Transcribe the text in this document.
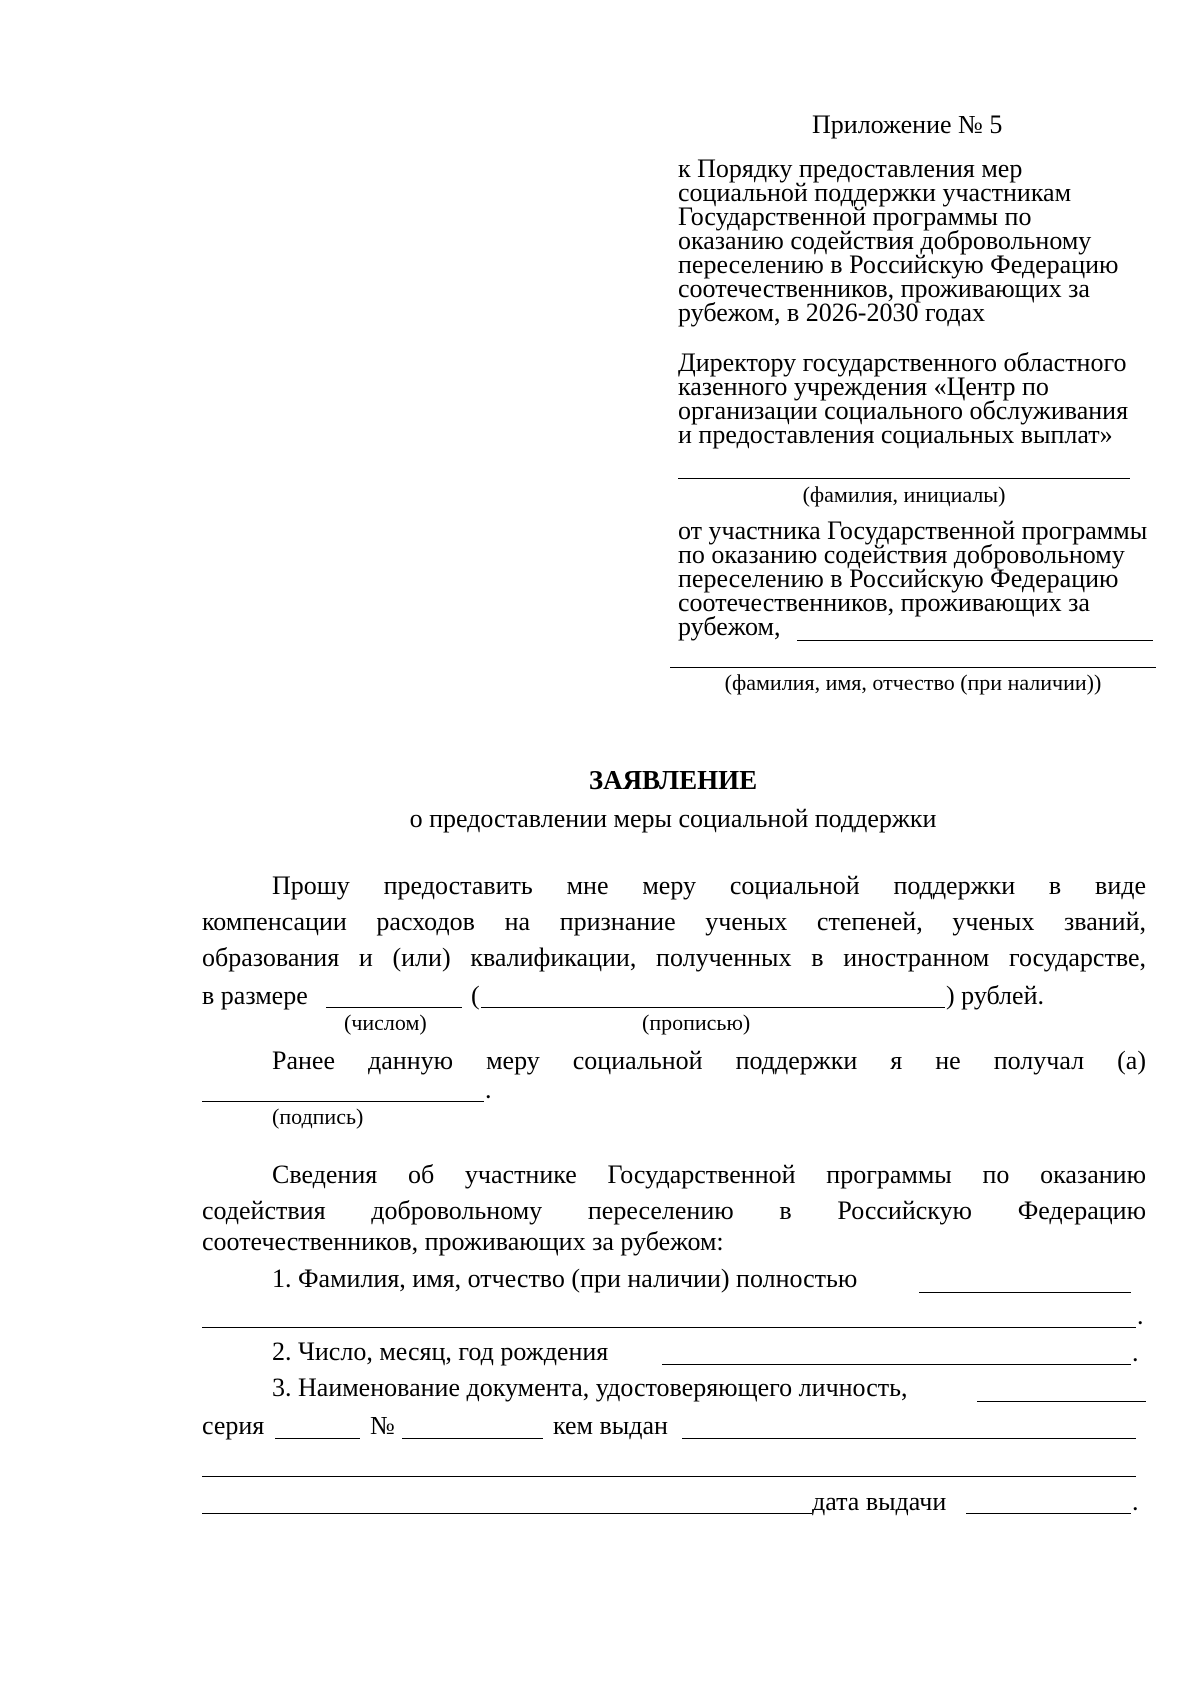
Приложение № 5
к Порядку предоставления мер
социальной поддержки участникам
Государственной программы по
оказанию содействия добровольному
переселению в Российскую Федерацию
соотечественников, проживающих за
рубежом, в 2026-2030 годах
Директору государственного областного
казенного учреждения «Центр по
организации социального обслуживания
и предоставления социальных выплат»
(фамилия, инициалы)
от участника Государственной программы
по оказанию содействия добровольному
переселению в Российскую Федерацию
соотечественников, проживающих за
рубежом,
(фамилия, имя, отчество (при наличии))
ЗАЯВЛЕНИЕ
о предоставлении меры социальной поддержки
Прошу предоставить мне меру социальной поддержки в виде
компенсации расходов на признание ученых степеней, ученых званий,
образования и (или) квалификации, полученных в иностранном государстве,
в размере	(	) рублей.
(числом)	(прописью)
Ранее данную меру социальной поддержки я не получал (а)
.
(подпись)
Сведения об участнике Государственной программы по оказанию
содействия добровольному переселению в Российскую Федерацию
соотечественников, проживающих за рубежом:
1. Фамилия, имя, отчество (при наличии) полностью
.
2. Число, месяц, год рождения	.
3. Наименование документа, удостоверяющего личность,
серия	№	кем выдан
дата выдачи	.
